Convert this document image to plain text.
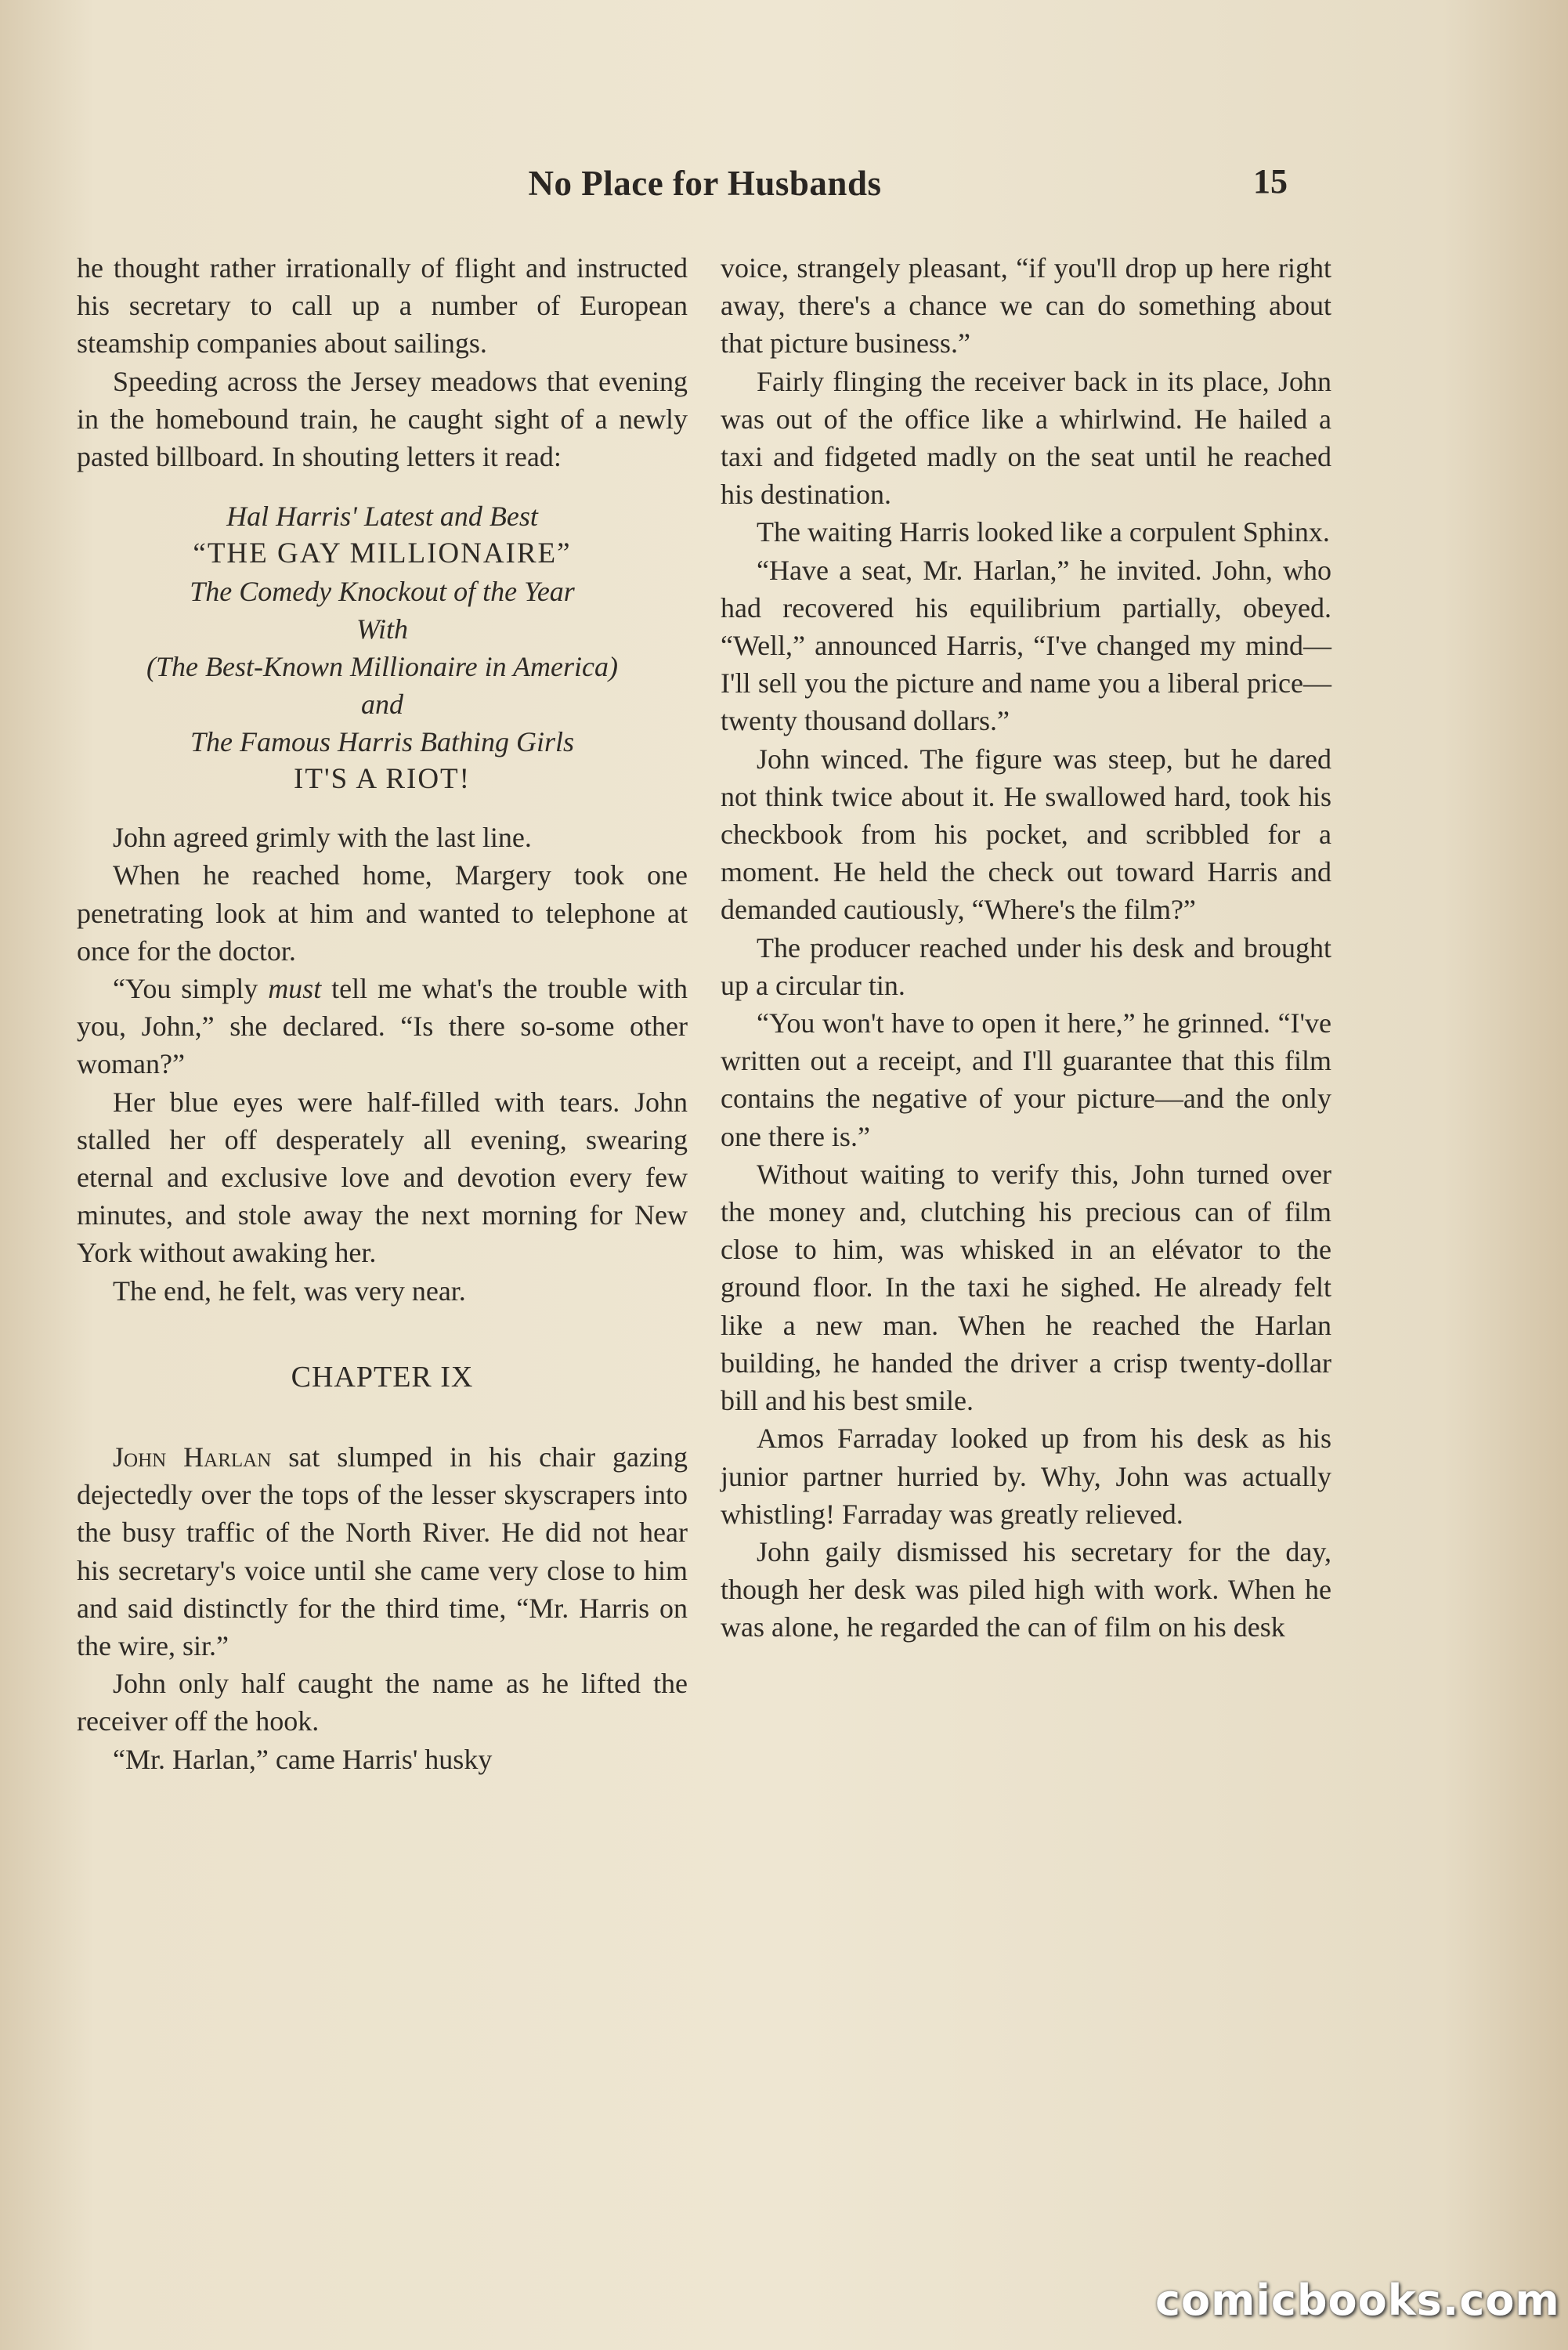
No Place for Husbands	15

he thought rather irrationally of flight and instructed his secretary to call up a number of European steamship companies about sailings.

Speeding across the Jersey meadows that evening in the homebound train, he caught sight of a newly pasted billboard. In shouting letters it read:

Hal Harris' Latest and Best
“THE GAY MILLIONAIRE”
The Comedy Knockout of the Year
With
(The Best-Known Millionaire in America)
and
The Famous Harris Bathing Girls
IT'S A RIOT!

John agreed grimly with the last line.

When he reached home, Margery took one penetrating look at him and wanted to telephone at once for the doctor.

“You simply must tell me what's the trouble with you, John,” she declared. “Is there so-some other woman?”

Her blue eyes were half-filled with tears. John stalled her off desperately all evening, swearing eternal and exclusive love and devotion every few minutes, and stole away the next morning for New York without awaking her.

The end, he felt, was very near.

CHAPTER IX

John Harlan sat slumped in his chair gazing dejectedly over the tops of the lesser skyscrapers into the busy traffic of the North River. He did not hear his secretary's voice until she came very close to him and said distinctly for the third time, “Mr. Harris on the wire, sir.”

John only half caught the name as he lifted the receiver off the hook.

“Mr. Harlan,” came Harris' husky

voice, strangely pleasant, “if you'll drop up here right away, there's a chance we can do something about that picture business.”

Fairly flinging the receiver back in its place, John was out of the office like a whirlwind. He hailed a taxi and fidgeted madly on the seat until he reached his destination.

The waiting Harris looked like a corpulent Sphinx.

“Have a seat, Mr. Harlan,” he invited. John, who had recovered his equilibrium partially, obeyed. “Well,” announced Harris, “I've changed my mind—I'll sell you the picture and name you a liberal price—twenty thousand dollars.”

John winced. The figure was steep, but he dared not think twice about it. He swallowed hard, took his checkbook from his pocket, and scribbled for a moment. He held the check out toward Harris and demanded cautiously, “Where's the film?”

The producer reached under his desk and brought up a circular tin.

“You won't have to open it here,” he grinned. “I've written out a receipt, and I'll guarantee that this film contains the negative of your picture—and the only one there is.”

Without waiting to verify this, John turned over the money and, clutching his precious can of film close to him, was whisked in an elévator to the ground floor. In the taxi he sighed. He already felt like a new man. When he reached the Harlan building, he handed the driver a crisp twenty-dollar bill and his best smile.

Amos Farraday looked up from his desk as his junior partner hurried by. Why, John was actually whistling! Farraday was greatly relieved.

John gaily dismissed his secretary for the day, though her desk was piled high with work. When he was alone, he regarded the can of film on his desk

comicbooks.com
